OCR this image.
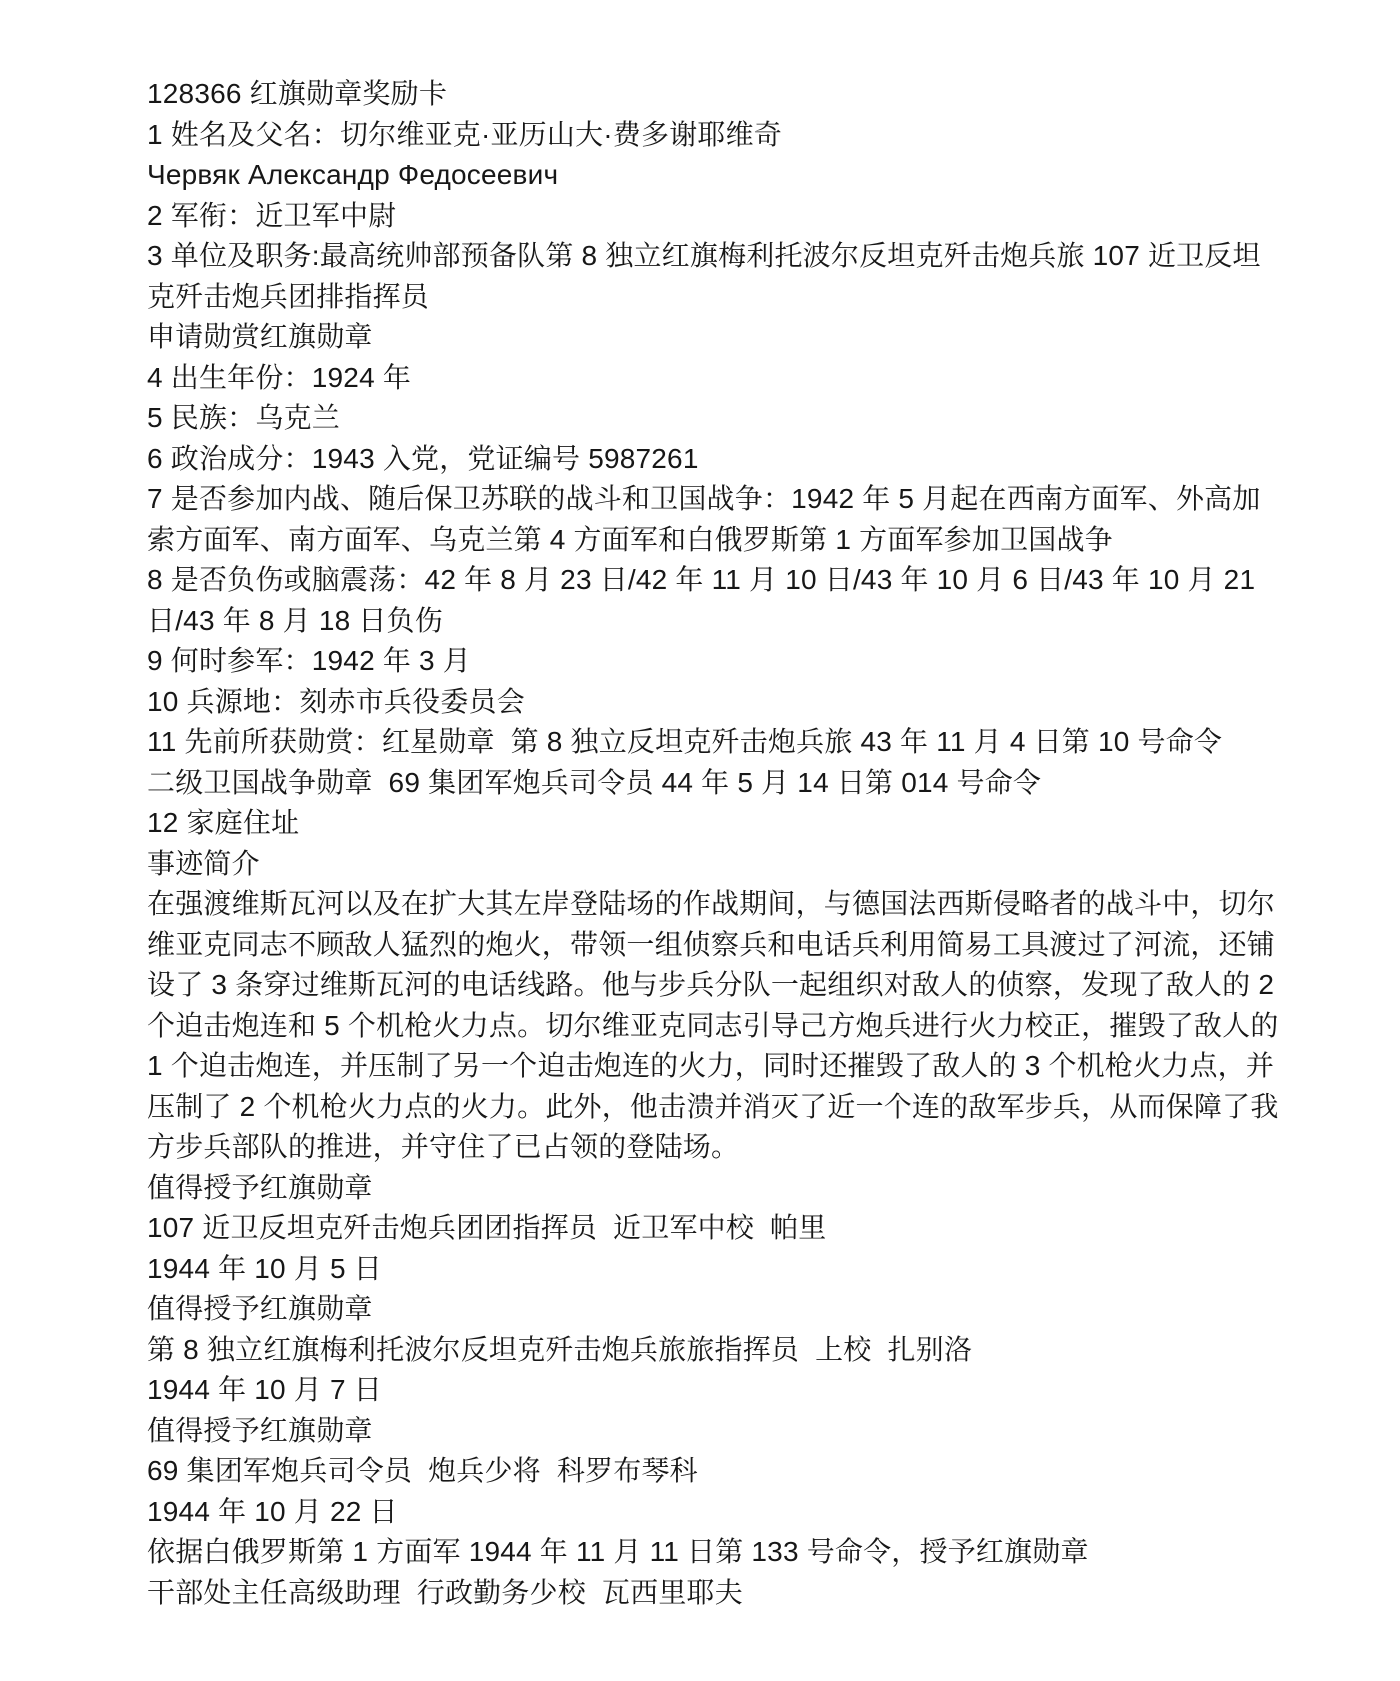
128366 红旗勋章奖励卡
1 姓名及父名：切尔维亚克·亚历山大·费多谢耶维奇
Червяк Александр Федосеевич
2 军衔：近卫军中尉
3 单位及职务:最高统帅部预备队第 8 独立红旗梅利托波尔反坦克歼击炮兵旅 107 近卫反坦
克歼击炮兵团排指挥员
申请勋赏红旗勋章
4 出生年份：1924 年
5 民族：乌克兰
6 政治成分：1943 入党，党证编号 5987261
7 是否参加内战、随后保卫苏联的战斗和卫国战争：1942 年 5 月起在西南方面军、外高加
索方面军、南方面军、乌克兰第 4 方面军和白俄罗斯第 1 方面军参加卫国战争
8 是否负伤或脑震荡：42 年 8 月 23 日/42 年 11 月 10 日/43 年 10 月 6 日/43 年 10 月 21
日/43 年 8 月 18 日负伤
9 何时参军：1942 年 3 月
10 兵源地：刻赤市兵役委员会
11 先前所获勋赏：红星勋章  第 8 独立反坦克歼击炮兵旅 43 年 11 月 4 日第 10 号命令
二级卫国战争勋章  69 集团军炮兵司令员 44 年 5 月 14 日第 014 号命令
12 家庭住址
事迹简介
在强渡维斯瓦河以及在扩大其左岸登陆场的作战期间，与德国法西斯侵略者的战斗中，切尔
维亚克同志不顾敌人猛烈的炮火，带领一组侦察兵和电话兵利用简易工具渡过了河流，还铺
设了 3 条穿过维斯瓦河的电话线路。他与步兵分队一起组织对敌人的侦察，发现了敌人的 2
个迫击炮连和 5 个机枪火力点。切尔维亚克同志引导己方炮兵进行火力校正，摧毁了敌人的
1 个迫击炮连，并压制了另一个迫击炮连的火力，同时还摧毁了敌人的 3 个机枪火力点，并
压制了 2 个机枪火力点的火力。此外，他击溃并消灭了近一个连的敌军步兵，从而保障了我
方步兵部队的推进，并守住了已占领的登陆场。
值得授予红旗勋章
107 近卫反坦克歼击炮兵团团指挥员  近卫军中校  帕里
1944 年 10 月 5 日
值得授予红旗勋章
第 8 独立红旗梅利托波尔反坦克歼击炮兵旅旅指挥员  上校  扎别洛
1944 年 10 月 7 日
值得授予红旗勋章
69 集团军炮兵司令员  炮兵少将  科罗布琴科
1944 年 10 月 22 日
依据白俄罗斯第 1 方面军 1944 年 11 月 11 日第 133 号命令，授予红旗勋章
干部处主任高级助理  行政勤务少校  瓦西里耶夫
